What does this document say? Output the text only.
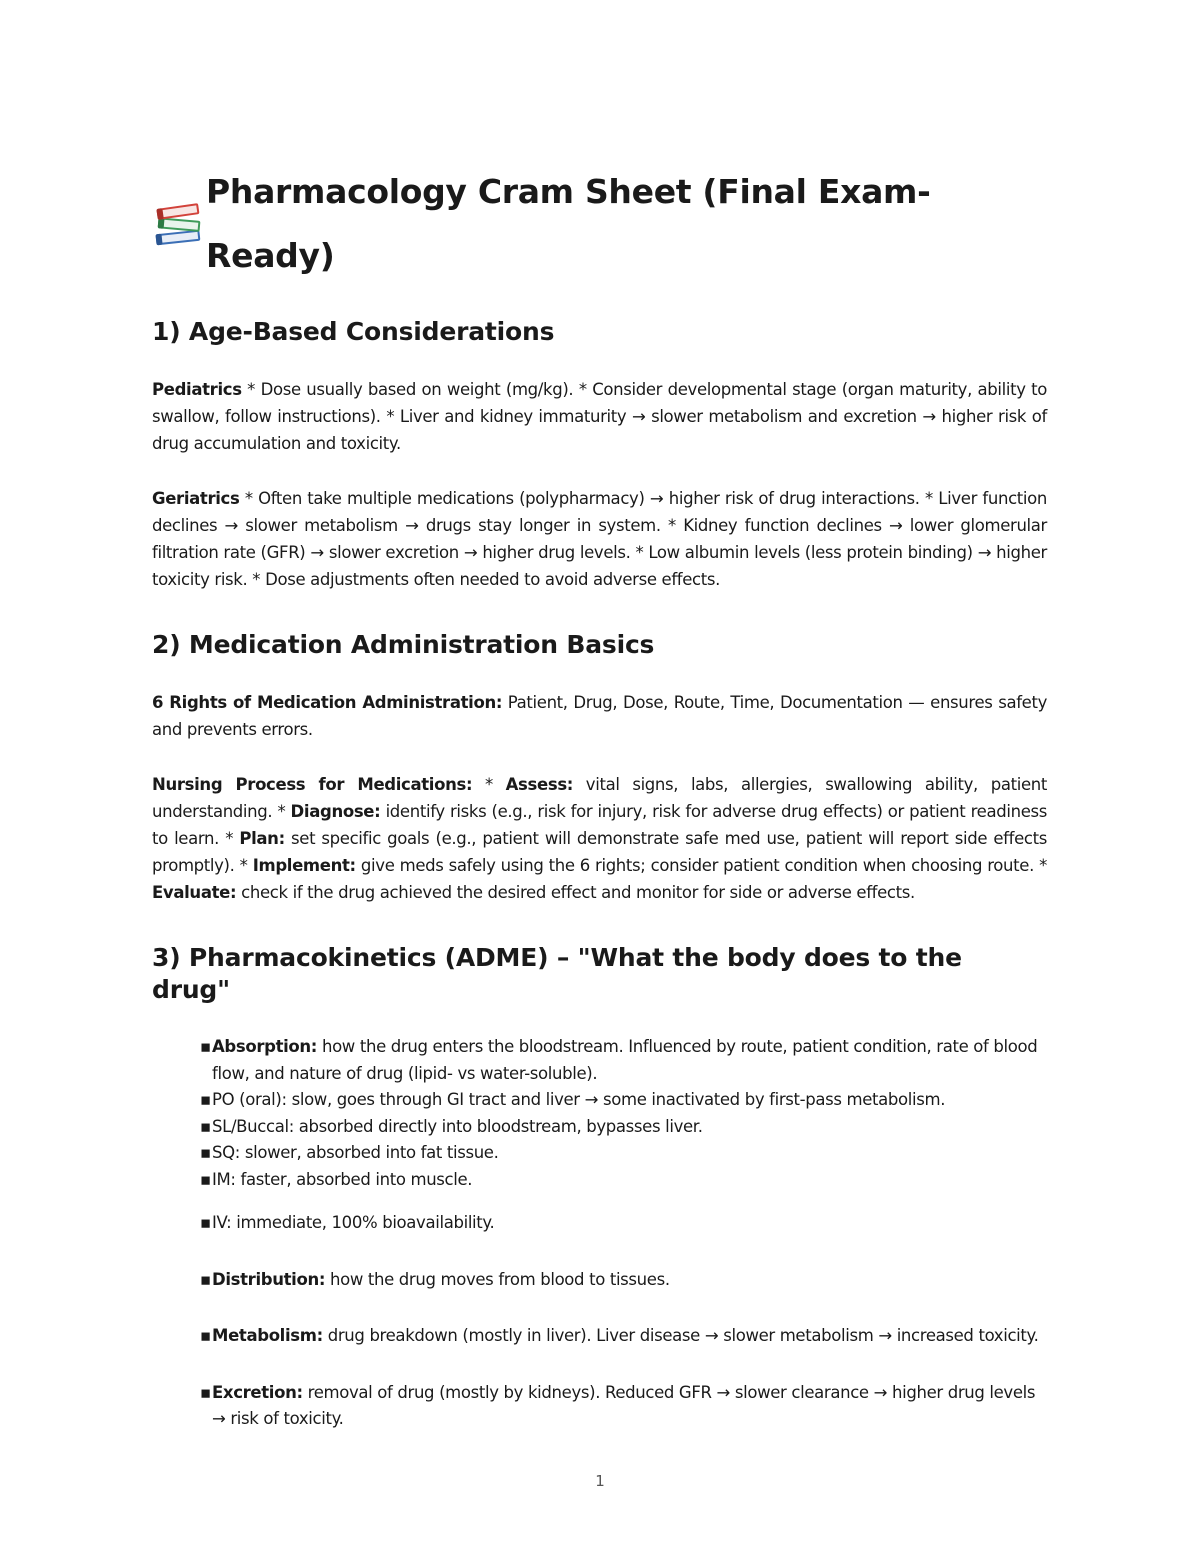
Pharmacology Cram Sheet (Final Exam-Ready)
1) Age-Based Considerations

Pediatrics * Dose usually based on weight (mg/kg). * Consider developmental stage (organ maturity, ability to swallow, follow instructions). * Liver and kidney immaturity → slower metabolism and excretion → higher risk of drug accumulation and toxicity.

Geriatrics * Often take multiple medications (polypharmacy) → higher risk of drug interactions. * Liver function declines → slower metabolism → drugs stay longer in system. * Kidney function declines → lower glomerular filtration rate (GFR) → slower excretion → higher drug levels. * Low albumin levels (less protein binding) → higher toxicity risk. * Dose adjustments often needed to avoid adverse effects.

2) Medication Administration Basics

6 Rights of Medication Administration: Patient, Drug, Dose, Route, Time, Documentation — ensures safety and prevents errors.

Nursing Process for Medications: * Assess: vital signs, labs, allergies, swallowing ability, patient understanding. * Diagnose: identify risks (e.g., risk for injury, risk for adverse drug effects) or patient readiness to learn. * Plan: set specific goals (e.g., patient will demonstrate safe med use, patient will report side effects promptly). * Implement: give meds safely using the 6 rights; consider patient condition when choosing route. * Evaluate: check if the drug achieved the desired effect and monitor for side or adverse effects.

3) Pharmacokinetics (ADME) – "What the body does to the drug"
▪ Absorption: how the drug enters the bloodstream. Influenced by route, patient condition, rate of blood flow, and nature of drug (lipid- vs water-soluble).
▪ PO (oral): slow, goes through GI tract and liver → some inactivated by first-pass metabolism.
▪ SL/Buccal: absorbed directly into bloodstream, bypasses liver.
▪ SQ: slower, absorbed into fat tissue.
▪ IM: faster, absorbed into muscle.
▪ IV: immediate, 100% bioavailability.
▪ Distribution: how the drug moves from blood to tissues.
▪ Metabolism: drug breakdown (mostly in liver). Liver disease → slower metabolism → increased toxicity.
▪ Excretion: removal of drug (mostly by kidneys). Reduced GFR → slower clearance → higher drug levels → risk of toxicity.
1
